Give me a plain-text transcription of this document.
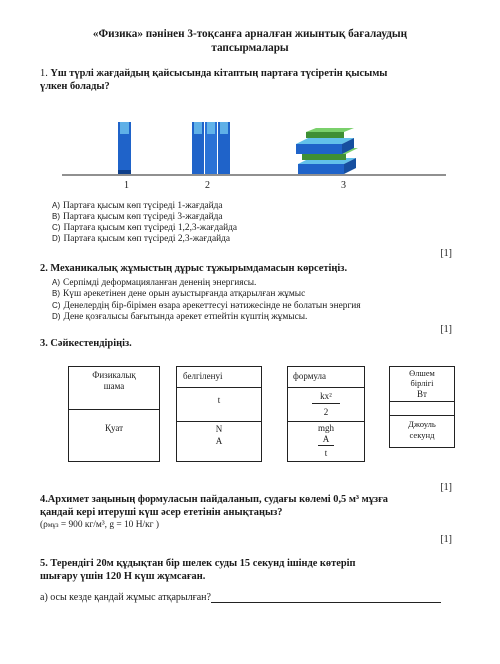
«Физика» пәнінен 3-тоқсанға арналған жиынтық бағалаудың
тапсырмалары
1. Үш түрлі жағдайдың қайсысында кітаптың партаға түсіретін қысымы
үлкен болады?
1	2	3
A) Партаға қысым көп түсіреді 1-жағдайда
B) Партаға қысым көп түсіреді 3-жағдайда
C) Партаға қысым көп түсіреді 1,2,3-жағдайда
D) Партаға қысым көп түсіреді 2,3-жағдайда
[1]
2. Механикалық жұмыстың дұрыс тұжырымдамасын көрсетіңіз.
A) Серпімді деформацияланған дененің энергиясы.
B) Күш әрекетінен дене орын ауыстырғанда атқарылған жұмыс
C) Денелердің бір-бірімен өзара әрекеттесуі нәтижесінде не болатын энергия
D) Дене қозғалысы бағытында әрекет етпейтін күштің жұмысы.
[1]
3. Сәйкестендіріңіз.
Физикалық
шама
Қуат
белгіленуі
t
N
A
формула
kx²
2
mgh
A
t
Өлшем
бірлігі
Вт
Джоуль
секунд
[1]
4.Архимет заңының формуласын пайдаланып, судағы көлемі 0,5 м³ мұзға
қандай кері итеруші күш әсер ететінін анықтаңыз?
(ρмұз = 900 кг/м³, g = 10 Н/кг )
[1]
5. Терендігі 20м құдықтан бір шелек суды 15 секунд ішінде көтеріп
шығару үшін 120 Н күш жұмсаған.
а) осы кезде қандай жұмыс атқарылған?
